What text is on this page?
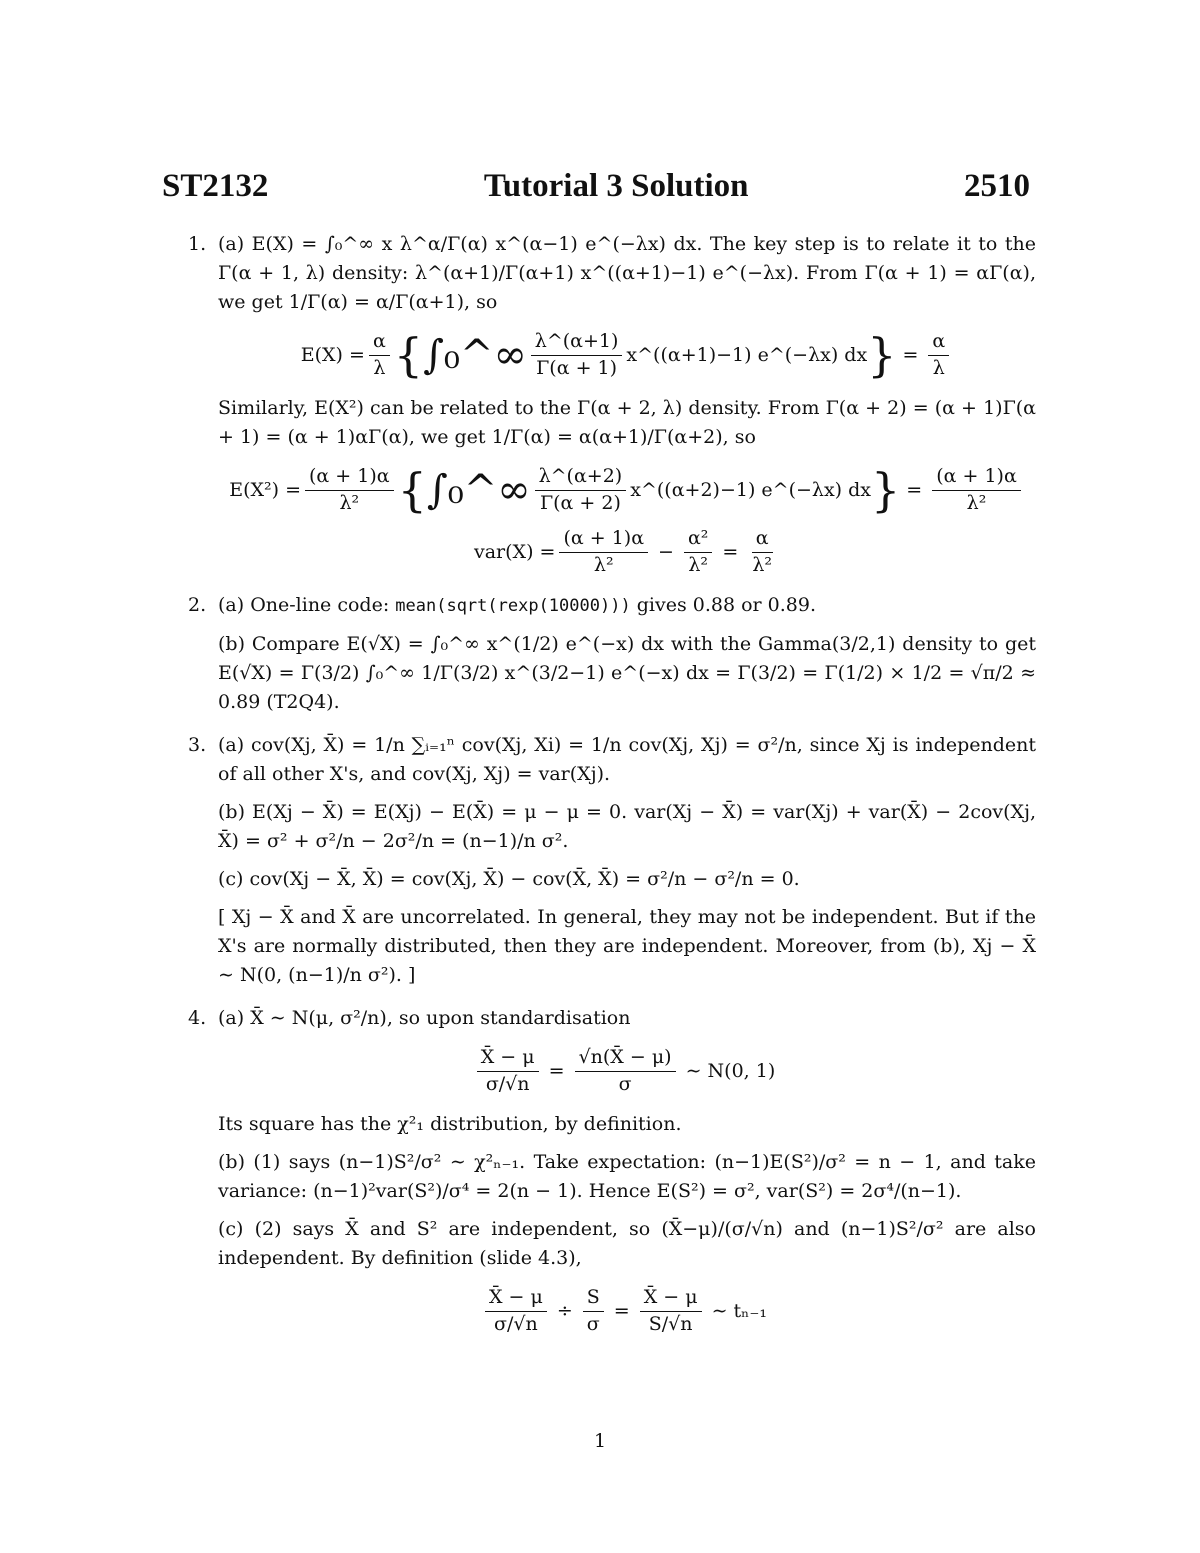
ST2132	Tutorial 3 Solution	2510
1. (a) E(X) = ∫₀^∞ x λ^α/Γ(α) x^(α−1) e^(−λx) dx. The key step is to relate it to the Γ(α + 1, λ) density: λ^(α+1)/Γ(α+1) x^((α+1)−1) e^(−λx). From Γ(α + 1) = αΓ(α), we get 1/Γ(α) = α/Γ(α+1), so

$E(X) = \frac{\alpha}{\lambda}$ { ∫₀^∞ $\frac{\lambda\^{}(\alpha+1)}{\Gamma(\alpha + 1)}$ x^((α+1)−1) e^(−λx) dx } = $\frac{\alpha}{\lambda}$

Similarly, E(X²) can be related to the Γ(α + 2, λ) density. From Γ(α + 2) = (α + 1)Γ(α + 1) = (α + 1)αΓ(α), we get 1/Γ(α) = α(α+1)/Γ(α+2), so

$E(X^2) = \frac{(\alpha + 1)\alpha}{\text{λ²}}$ { ∫₀^∞ $\frac{\lambda\^{}(\alpha+2)}{\Gamma(\alpha + 2)}$ x^((α+2)−1) e^(−λx) dx } = $\frac{(\alpha + 1)\alpha}{\text{λ²}}$
$var(X) = \frac{(\alpha + 1)\alpha}{\text{λ²}} - \frac{\text{α²}}{\text{λ²}} = \frac{\alpha}{\text{λ²}}$
2. (a) One-line code: mean(sqrt(rexp(10000))) gives 0.88 or 0.89.

(b) Compare E(√X) = ∫₀^∞ x^(1/2) e^(−x) dx with the Gamma(3/2,1) density to get E(√X) = Γ(3/2) ∫₀^∞ 1/Γ(3/2) x^(3/2−1) e^(−x) dx = Γ(3/2) = Γ(1/2) × 1/2 = √π/2 ≈ 0.89 (T2Q4).

3. (a) cov(Xj, X̄) = 1/n ∑ᵢ₌₁ⁿ cov(Xj, Xi) = 1/n cov(Xj, Xj) = σ²/n, since Xj is independent of all other X's, and cov(Xj, Xj) = var(Xj).

(b) E(Xj − X̄) = E(Xj) − E(X̄) = μ − μ = 0. var(Xj − X̄) = var(Xj) + var(X̄) − 2cov(Xj, X̄) = σ² + σ²/n − 2σ²/n = (n−1)/n σ².

(c) cov(Xj − X̄, X̄) = cov(Xj, X̄) − cov(X̄, X̄) = σ²/n − σ²/n = 0.

[ Xj − X̄ and X̄ are uncorrelated. In general, they may not be independent. But if the X's are normally distributed, then they are independent. Moreover, from (b), Xj − X̄ ∼ N(0, (n−1)/n σ²). ]

4. (a) X̄ ∼ N(μ, σ²/n), so upon standardisation

$\frac{X̄ - \mu}{\sigma/√n} = \frac{√n(X̄ - \mu)}{\sigma}$ ∼ N(0, 1)

Its square has the χ²₁ distribution, by definition.

(b) (1) says (n−1)S²/σ² ∼ χ²ₙ₋₁. Take expectation: (n−1)E(S²)/σ² = n − 1, and take variance: (n−1)²var(S²)/σ⁴ = 2(n − 1). Hence E(S²) = σ², var(S²) = 2σ⁴/(n−1).

(c) (2) says X̄ and S² are independent, so (X̄−μ)/(σ/√n) and (n−1)S²/σ² are also independent. By definition (slide 4.3),

$\frac{X̄ - \mu}{\sigma/√n} \div \frac{S}{\sigma} = \frac{X̄ - \mu}{S/√n}$ ∼ tₙ₋₁
1
